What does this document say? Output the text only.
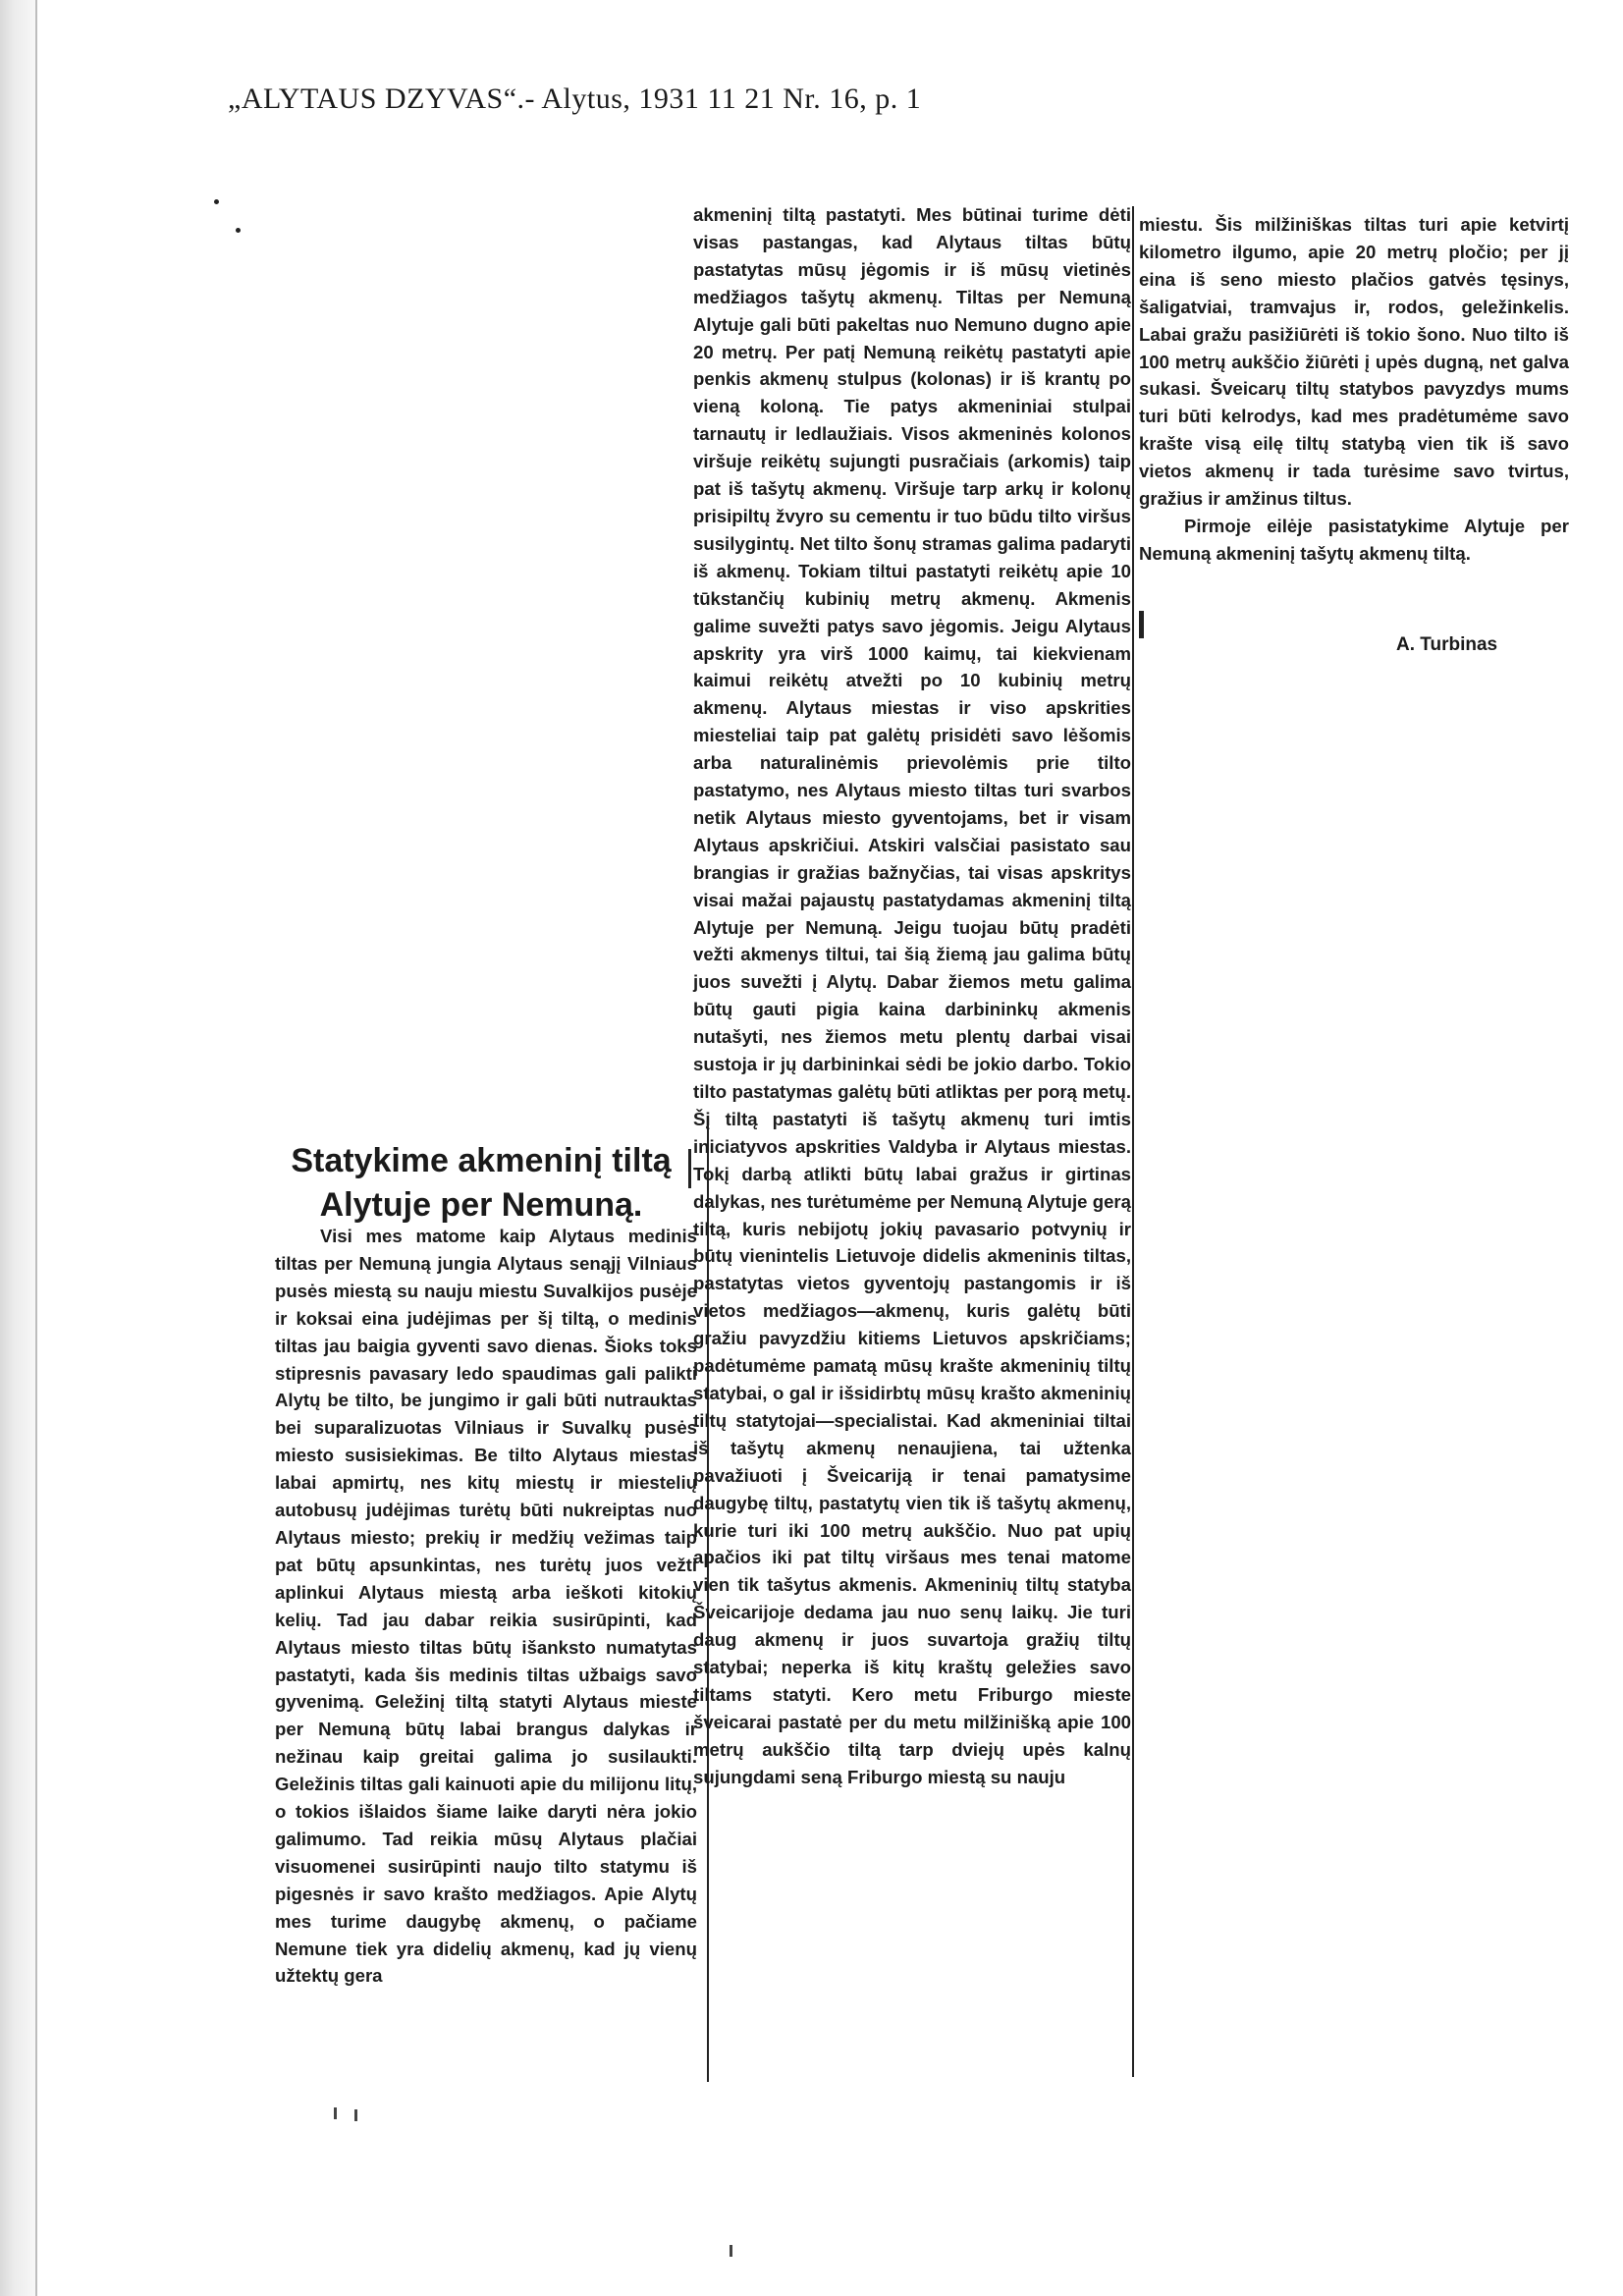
„ALYTAUS DZYVAS“.- Alytus, 1931 11 21 Nr. 16, p. 1
Statykime akmeninį tiltą
Alytuje per Nemuną.

Visi mes matome kaip Alytaus medinis tiltas per Nemuną jungia Alytaus senąjį Vilniaus pusės miestą su nauju miestu Suvalkijos pusėje ir koksai eina judėjimas per šį tiltą, o medinis tiltas jau baigia gyventi savo dienas. Šioks toks stipresnis pavasary ledo spaudimas gali palikti Alytų be tilto, be jungimo ir gali būti nutrauktas bei suparalizuotas Vilniaus ir Suvalkų pusės miesto susisiekimas. Be tilto Alytaus miestas labai apmirtų, nes kitų miestų ir miestelių autobusų judėjimas turėtų būti nukreiptas nuo Alytaus miesto; prekių ir medžių vežimas taip pat būtų apsunkintas, nes turėtų juos vežti aplinkui Alytaus miestą arba ieškoti kitokių kelių. Tad jau dabar reikia susirūpinti, kad Alytaus miesto tiltas būtų išanksto numatytas pastatyti, kada šis medinis tiltas užbaigs savo gyvenimą. Geležinį tiltą statyti Alytaus mieste per Nemuną būtų labai brangus dalykas ir nežinau kaip greitai galima jo susilaukti. Geležinis tiltas gali kainuoti apie du milijonu litų, o tokios išlaidos šiame laike daryti nėra jokio galimumo. Tad reikia mūsų Alytaus plačiai visuomenei susirūpinti naujo tilto statymu iš pigesnės ir savo krašto medžiagos. Apie Alytų mes turime daugybę akmenų, o pačiame Nemune tiek yra didelių akmenų, kad jų vienų užtektų gera

akmeninį tiltą pastatyti. Mes būtinai turime dėti visas pastangas, kad Alytaus tiltas būtų pastatytas mūsų jėgomis ir iš mūsų vietinės medžiagos tašytų akmenų. Tiltas per Nemuną Alytuje gali būti pakeltas nuo Nemuno dugno apie 20 metrų. Per patį Nemuną reikėtų pastatyti apie penkis akmenų stulpus (kolonas) ir iš krantų po vieną koloną. Tie patys akmeniniai stulpai tarnautų ir ledlaužiais. Visos akmeninės kolonos viršuje reikėtų sujungti pusračiais (arkomis) taip pat iš tašytų akmenų. Viršuje tarp arkų ir kolonų prisipiltų žvyro su cementu ir tuo būdu tilto viršus susilygintų. Net tilto šonų stramas galima padaryti iš akmenų. Tokiam tiltui pastatyti reikėtų apie 10 tūkstančių kubinių metrų akmenų. Akmenis galime suvežti patys savo jėgomis. Jeigu Alytaus apskrity yra virš 1000 kaimų, tai kiekvienam kaimui reikėtų atvežti po 10 kubinių metrų akmenų. Alytaus miestas ir viso apskrities miesteliai taip pat galėtų prisidėti savo lėšomis arba naturalinėmis prievolėmis prie tilto pastatymo, nes Alytaus miesto tiltas turi svarbos netik Alytaus miesto gyventojams, bet ir visam Alytaus apskričiui. Atskiri valsčiai pasistato sau brangias ir gražias bažnyčias, tai visas apskritys visai mažai pajaustų pastatydamas akmeninį tiltą Alytuje per Nemuną. Jeigu tuojau būtų pradėti vežti akmenys tiltui, tai šią žiemą jau galima būtų juos suvežti į Alytų. Dabar žiemos metu galima būtų gauti pigia kaina darbininkų akmenis nutašyti, nes žiemos metu plentų darbai visai sustoja ir jų darbininkai sėdi be jokio darbo. Tokio tilto pastatymas galėtų būti atliktas per porą metų. Šį tiltą pastatyti iš tašytų akmenų turi imtis iniciatyvos apskrities Valdyba ir Alytaus miestas. Tokį darbą atlikti būtų labai gražus ir girtinas dalykas, nes turėtumėme per Nemuną Alytuje gerą tiltą, kuris nebijotų jokių pavasario potvynių ir būtų vienintelis Lietuvoje didelis akmeninis tiltas, pastatytas vietos gyventojų pastangomis ir iš vietos medžiagos—akmenų, kuris galėtų būti gražiu pavyzdžiu kitiems Lietuvos apskričiams; padėtumėme pamatą mūsų krašte akmeninių tiltų statybai, o gal ir išsidirbtų mūsų krašto akmeninių tiltų statytojai—specialistai. Kad akmeniniai tiltai iš tašytų akmenų nenaujiena, tai užtenka pavažiuoti į Šveicariją ir tenai pamatysime daugybę tiltų, pastatytų vien tik iš tašytų akmenų, kurie turi iki 100 metrų aukščio. Nuo pat upių apačios iki pat tiltų viršaus mes tenai matome vien tik tašytus akmenis. Akmeninių tiltų statyba Šveicarijoje dedama jau nuo senų laikų. Jie turi daug akmenų ir juos suvartoja gražių tiltų statybai; neperka iš kitų kraštų geležies savo tiltams statyti. Kero metu Friburgo mieste šveicarai pastatė per du metu milžinišką apie 100 metrų aukščio tiltą tarp dviejų upės kalnų sujungdami seną Friburgo miestą su nauju

miestu. Šis milžiniškas tiltas turi apie ketvirtį kilometro ilgumo, apie 20 metrų pločio; per jį eina iš seno miesto plačios gatvės tęsinys, šaligatviai, tramvajus ir, rodos, geležinkelis. Labai gražu pasižiūrėti iš tokio šono. Nuo tilto iš 100 metrų aukščio žiūrėti į upės dugną, net galva sukasi. Šveicarų tiltų statybos pavyzdys mums turi būti kelrodys, kad mes pradėtumėme savo krašte visą eilę tiltų statybą vien tik iš savo vietos akmenų ir tada turėsime savo tvirtus, gražius ir amžinus tiltus.

Pirmoje eilėje pasistatykime Alytuje per Nemuną akmeninį tašytų akmenų tiltą.

A. Turbinas
